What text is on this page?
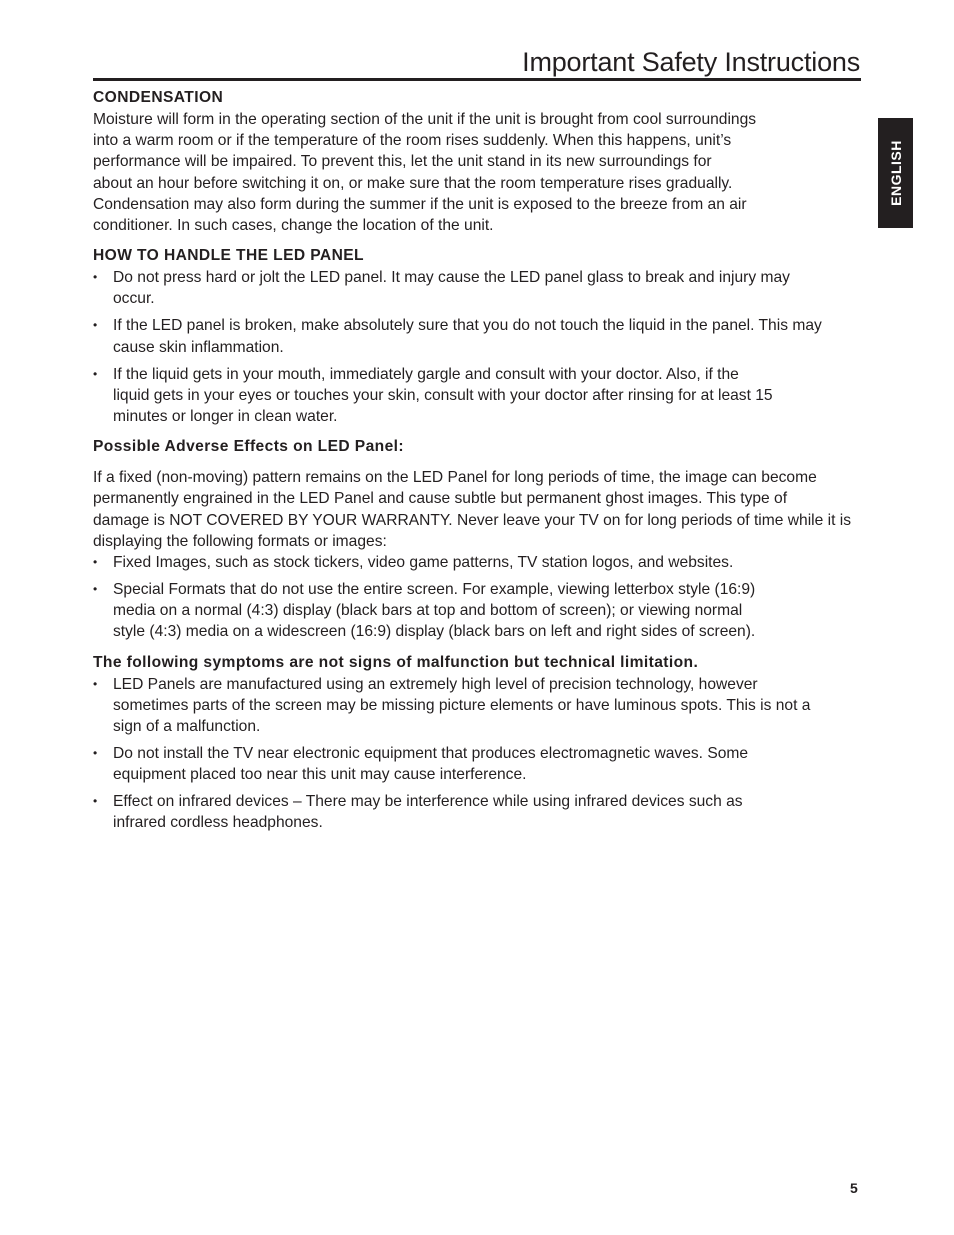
Important Safety Instructions
ENGLISH
CONDENSATION

Moisture will form in the operating section of the unit if the unit is brought from cool surroundings
into a warm room or if the temperature of the room rises suddenly. When this happens, unit’s
performance will be impaired. To prevent this, let the unit stand in its new surroundings for
about an hour before switching it on, or make sure that the room temperature rises gradually.
Condensation may also form during the summer if the unit is exposed to the breeze from an air
conditioner. In such cases, change the location of the unit.

HOW TO HANDLE THE LED PANEL
• Do not press hard or jolt the LED panel. It may cause the LED panel glass to break and injury may
occur.
• If the LED panel is broken, make absolutely sure that you do not touch the liquid in the panel. This may
cause skin inflammation.
• If the liquid gets in your mouth, immediately gargle and consult with your doctor. Also, if the
liquid gets in your eyes or touches your skin, consult with your doctor after rinsing for at least 15
minutes or longer in clean water.
Possible Adverse Effects on LED Panel:

If a fixed (non-moving) pattern remains on the LED Panel for long periods of time, the image can become
permanently engrained in the LED Panel and cause subtle but permanent ghost images. This type of
damage is NOT COVERED BY YOUR WARRANTY. Never leave your TV on for long periods of time while it is
displaying the following formats or images:

• Fixed Images, such as stock tickers, video game patterns, TV station logos, and websites.
• Special Formats that do not use the entire screen. For example, viewing letterbox style (16:9)
media on a normal (4:3) display (black bars at top and bottom of screen); or viewing normal
style (4:3) media on a widescreen (16:9) display (black bars on left and right sides of screen).
The following symptoms are not signs of malfunction but technical limitation.
• LED Panels are manufactured using an extremely high level of precision technology, however
sometimes parts of the screen may be missing picture elements or have luminous spots. This is not a
sign of a malfunction.
• Do not install the TV near electronic equipment that produces electromagnetic waves. Some
equipment placed too near this unit may cause interference.
• Effect on infrared devices – There may be interference while using infrared devices such as
infrared cordless headphones.
5
